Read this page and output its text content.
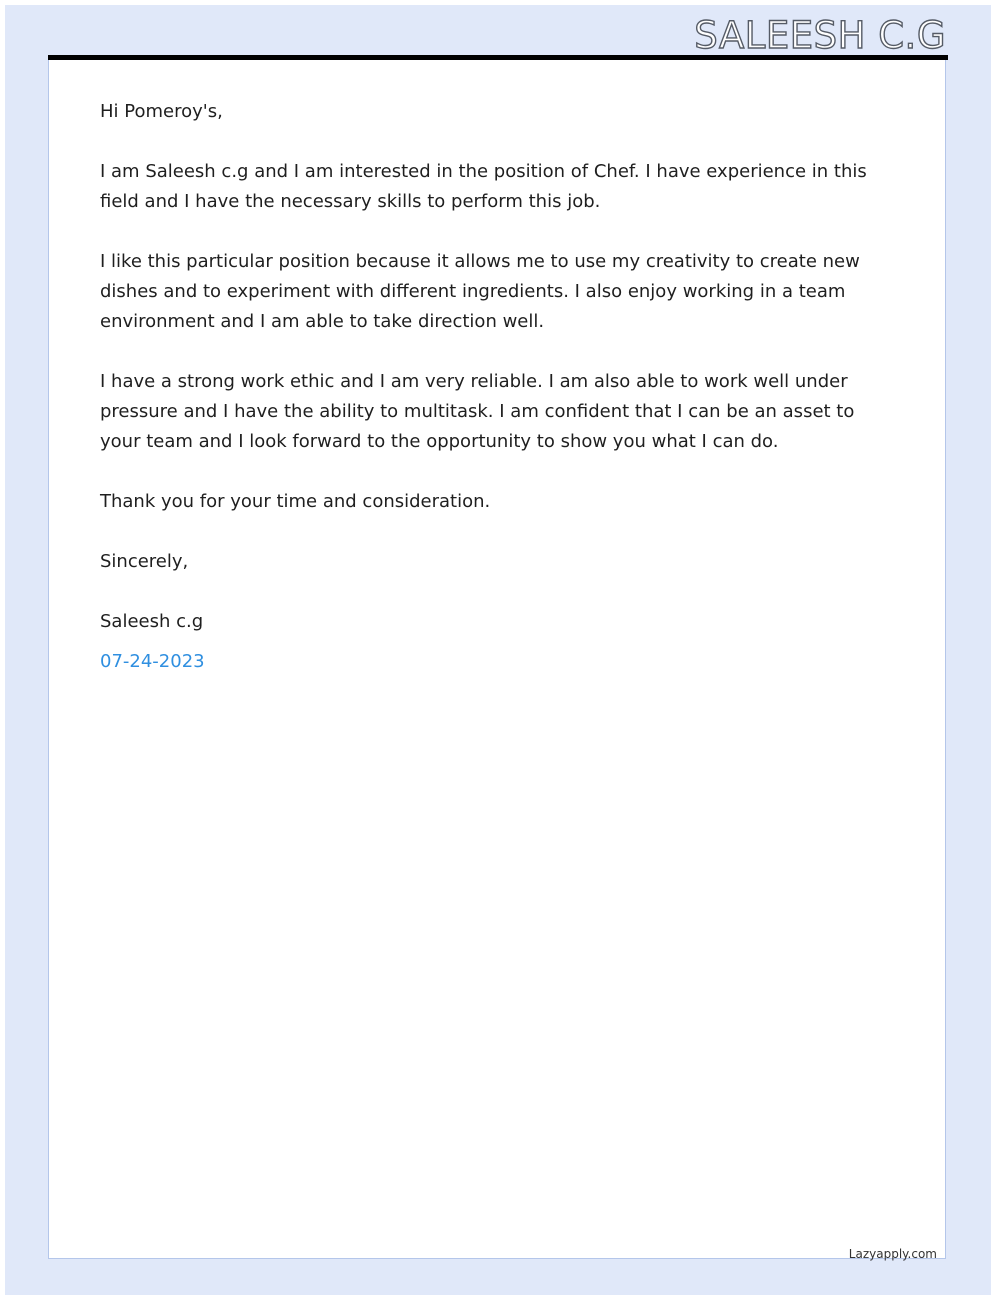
SALEESH C.G

Hi Pomeroy's,

I am Saleesh c.g and I am interested in the position of Chef. I have experience in this field and I have the necessary skills to perform this job.

I like this particular position because it allows me to use my creativity to create new dishes and to experiment with different ingredients. I also enjoy working in a team environment and I am able to take direction well.

I have a strong work ethic and I am very reliable. I am also able to work well under pressure and I have the ability to multitask. I am confident that I can be an asset to your team and I look forward to the opportunity to show you what I can do.

Thank you for your time and consideration.

Sincerely,

Saleesh c.g

07-24-2023

Lazyapply.com
